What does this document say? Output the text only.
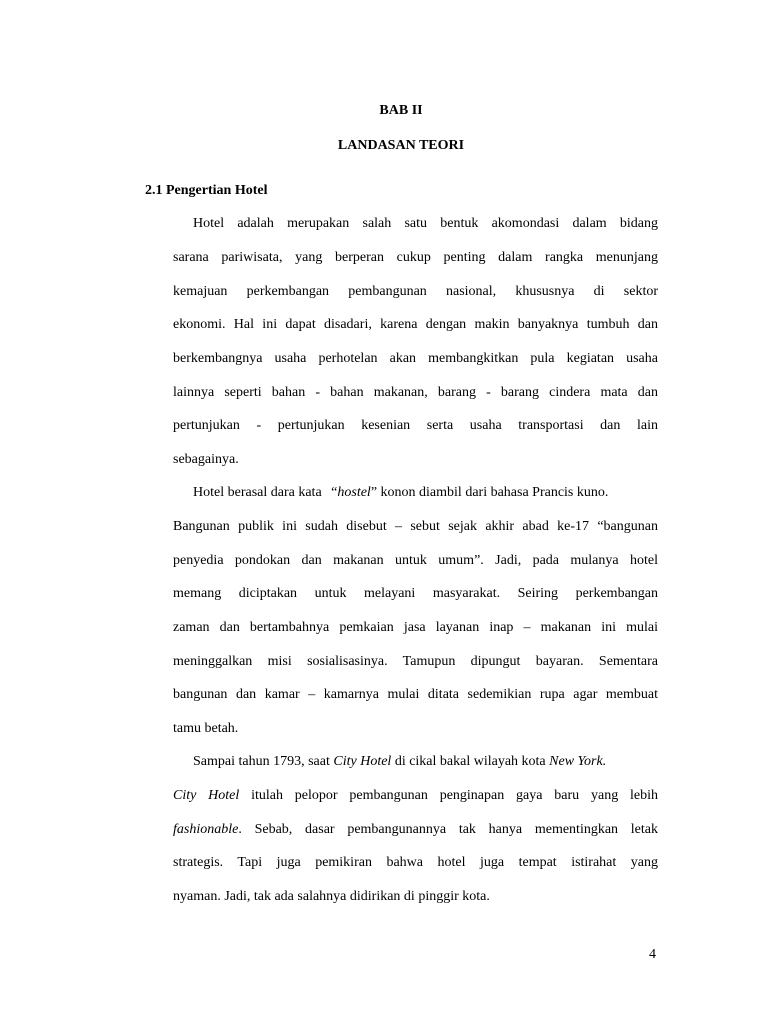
BAB II
LANDASAN TEORI
2.1 Pengertian Hotel
Hotel adalah merupakan salah satu bentuk akomondasi dalam bidang
sarana pariwisata, yang berperan cukup penting dalam rangka menunjang
kemajuan perkembangan pembangunan nasional, khususnya di sektor
ekonomi. Hal ini dapat disadari, karena dengan makin banyaknya tumbuh dan
berkembangnya usaha perhotelan akan membangkitkan pula kegiatan usaha
lainnya seperti bahan - bahan makanan, barang - barang cindera mata dan
pertunjukan - pertunjukan kesenian serta usaha transportasi dan lain
sebagainya.
Hotel berasal dara kata “hostel” konon diambil dari bahasa Prancis kuno.
Bangunan publik ini sudah disebut – sebut sejak akhir abad ke-17 “bangunan
penyedia pondokan dan makanan untuk umum”. Jadi, pada mulanya hotel
memang diciptakan untuk melayani masyarakat. Seiring perkembangan
zaman dan bertambahnya pemkaian jasa layanan inap – makanan ini mulai
meninggalkan misi sosialisasinya. Tamupun dipungut bayaran. Sementara
bangunan dan kamar – kamarnya mulai ditata sedemikian rupa agar membuat
tamu betah.
Sampai tahun 1793, saat City Hotel di cikal bakal wilayah kota New York.
City Hotel itulah pelopor pembangunan penginapan gaya baru yang lebih
fashionable. Sebab, dasar pembangunannya tak hanya mementingkan letak
strategis. Tapi juga pemikiran bahwa hotel juga tempat istirahat yang
nyaman. Jadi, tak ada salahnya didirikan di pinggir kota.
4
